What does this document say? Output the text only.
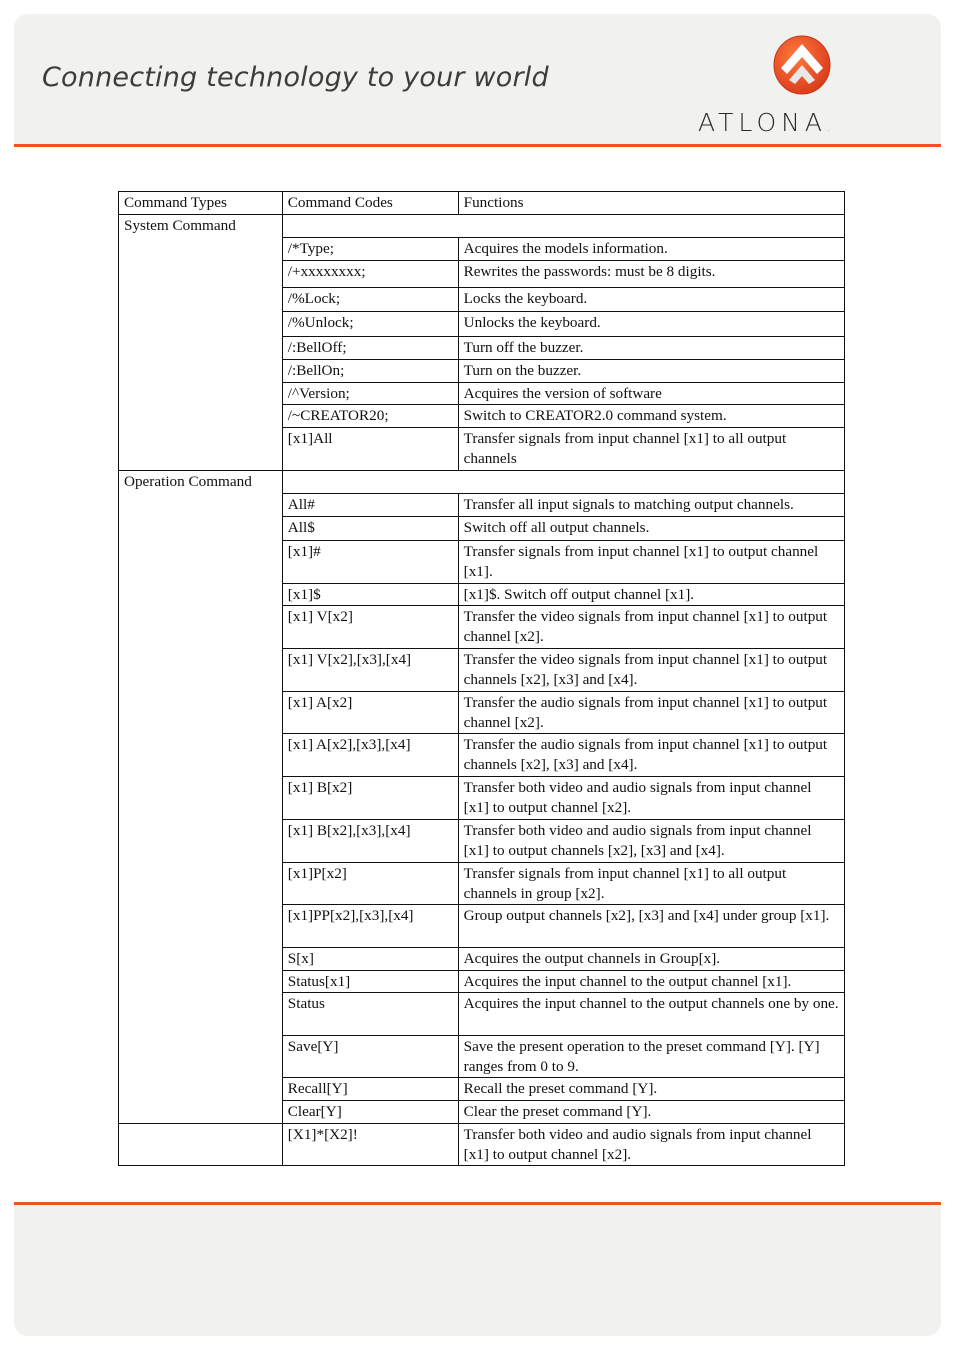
Connecting technology to your world
ATLONA.
Command Types	Command Codes	Functions
System Command		
	/*Type;	Acquires the models information.
	/+xxxxxxxx;	Rewrites the passwords: must be 8 digits.
	/%Lock;	Locks the keyboard.
	/%Unlock;	Unlocks the keyboard.
	/:BellOff;	Turn off the buzzer.
	/:BellOn;	Turn on the buzzer.
	/^Version;	Acquires the version of software
	/~CREATOR20;	Switch to CREATOR2.0 command system.
	[x1]All	Transfer signals from input channel [x1] to all output channels
Operation Command		
	All#	Transfer all input signals to matching output channels.
	All$	Switch off all output channels.
	[x1]#	Transfer signals from input channel [x1] to output channel [x1].
	[x1]$	[x1]$. Switch off output channel [x1].
	[x1] V[x2]	Transfer the video signals from input channel [x1] to output channel [x2].
	[x1] V[x2],[x3],[x4]	Transfer the video signals from input channel [x1] to output channels [x2], [x3] and [x4].
	[x1] A[x2]	Transfer the audio signals from input channel [x1] to output channel [x2].
	[x1] A[x2],[x3],[x4]	Transfer the audio signals from input channel [x1] to output channels [x2], [x3] and [x4].
	[x1] B[x2]	Transfer both video and audio signals from input channel [x1] to output channel [x2].
	[x1] B[x2],[x3],[x4]	Transfer both video and audio signals from input channel [x1] to output channels [x2], [x3] and [x4].
	[x1]P[x2]	Transfer signals from input channel [x1] to all output channels in group [x2].
	[x1]PP[x2],[x3],[x4]	Group output channels [x2], [x3] and [x4] under group [x1].
	S[x]	Acquires the output channels in Group[x].
	Status[x1]	Acquires the input channel to the output channel [x1].
	Status	Acquires the input channel to the output channels one by one.
	Save[Y]	Save the present operation to the preset command [Y]. [Y] ranges from 0 to 9.
	Recall[Y]	Recall the preset command [Y].
	Clear[Y]	Clear the preset command [Y].
	[X1]*[X2]!	Transfer both video and audio signals from input channel [x1] to output channel [x2].
